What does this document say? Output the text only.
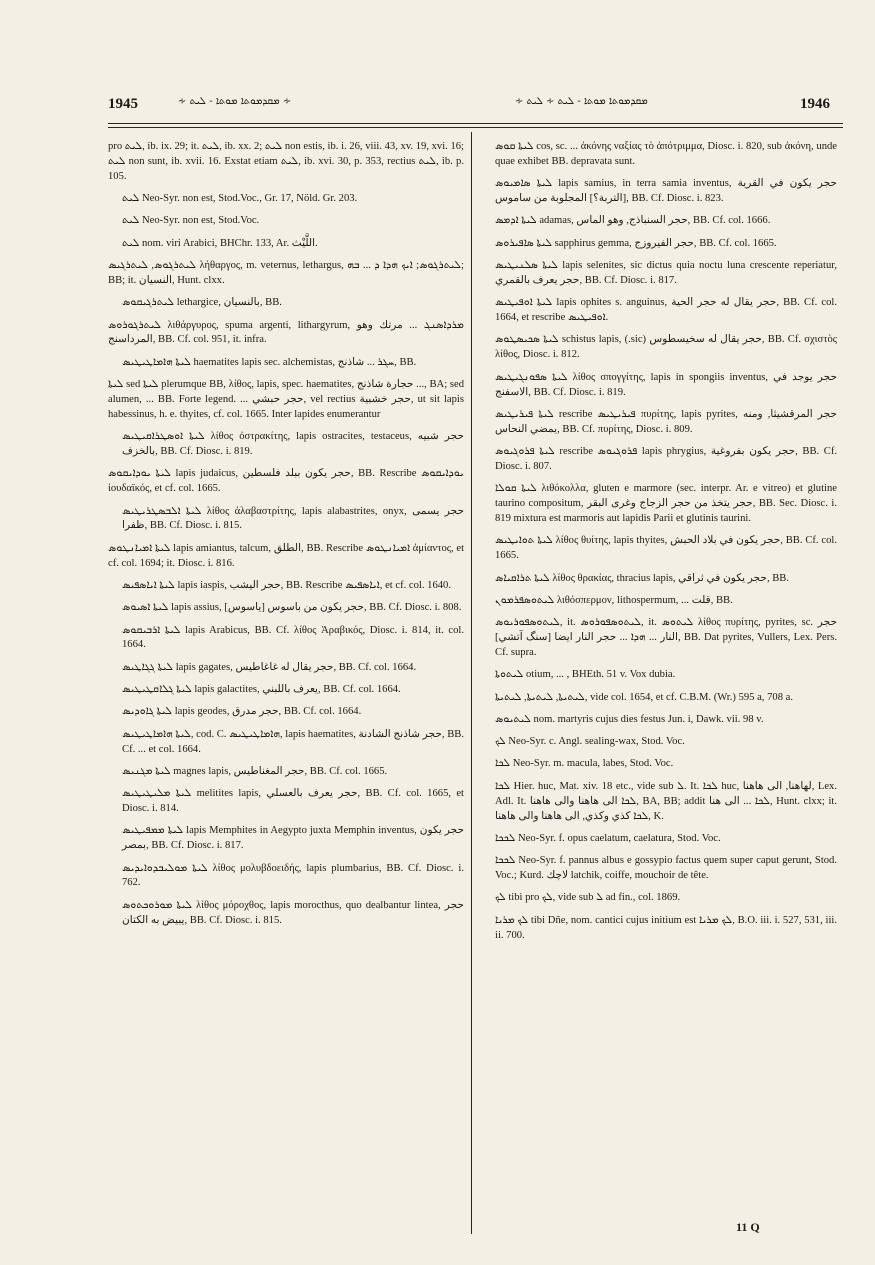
1945	∻ ܡܩܕܡܘܬܐ ܡܘܬܐ - ܠܝܬ ∻	∻ ܡܩܕܡܘܬܐ ܡܘܬܐ - ܠܝܬ ∻ ܠܝܬ	1946

pro ܠܝܬ, ib. ix. 29; it. ܠܝܬ, ib. xx. 2; ܠܝܬ non estis, ib. i. 26, viii. 43, xv. 19, xvi. 16; ܠܝܬ non sunt, ib. xvii. 16. Exstat etiam ܠܝܬ, ib. xvi. 30, p. 353, rectius ܠܝܬ, ib. p. 105.

ܠܝܬ Neo-Syr. non est, Stod.Voc., Gr. 17, Nöld. Gr. 203.

ܠܝܬ Neo-Syr. non est, Stod.Voc.

ܠܝܬ nom. viri Arabici, BHChr. 133, Ar. اللَّيْث.

ܠܝܬܪܓܘܣ, ܠܝܬܪܓܝܣ λήθαργος, m. veternus, lethargus, ܠܝܬܪܓܘܣ; ܐܝܟ ܗܕܐ ܕ ... ܒܗ; BB; it. النسيان, Hunt. clxx.

ܠܝܬܪܓܝܩܘܣ lethargice, بالنسيان, BB.

ܠܝܬܪܓܘܪܘܣ λιθάργυρος, spuma argenti, lithargyrum, ܡܪܕܐܣܢܓ ... مرتك وهو المرداسنج, BB. Cf. col. 951, it. infra.

ܠܝܬܐ ܗܐܡܐܛܝܛܝܣ haematites lapis sec. alchemistas, ܚܓܪ ... شاذنج, BB.

ܠܝܬܐ sed ܠܝܬܐ plerumque BB, λίθος, lapis, spec. haematites, حجارة شاذنج ..., BA; sed alumen, ... BB. Forte legend. ... حجر حبشي, vel rectius حجر خشبية, ut sit lapis habessinus, h. e. thyites, cf. col. 1665. Inter lapides enumerantur

ܠܝܬܐ ܐܘܣܛܪܐܩܝܛܝܣ λίθος ὀστρακίτης, lapis ostracites, testaceus, حجر شبيه بالخزف, BB. Cf. Diosc. i. 819.

ܠܝܬܐ ܝܘܕܐܝܩܘܣ lapis judaicus, حجر يكون ببلد فلسطين, BB. Rescribe ܝܘܕܐܝܩܘܣ ἰουδαϊκός, et cf. col. 1665.

ܠܝܬܐ ܐܠܒܣܛܪܝܛܝܣ λίθος ἀλαβαστρίτης, lapis alabastrites, onyx, حجر يسمى ظفرا, BB. Cf. Diosc. i. 815.

ܠܝܬܐ ܐܡܝܐܢܛܘܣ lapis amiantus, talcum, الطلق, BB. Rescribe ܐܡܝܐܢܛܘܣ ἀμίαντος, et cf. col. 1694; it. Diosc. i. 816.

ܠܝܬܐ ܐܝܐܣܦܝܣ lapis iaspis, حجر اليشب, BB. Rescribe ܐܝܐܣܦܝܣ, et cf. col. 1640.

ܠܝܬܐ ܐܣܝܘܣ lapis assius, حجر يكون من باسوس [ياسوس], BB. Cf. Diosc. i. 808.

ܠܝܬܐ ܐܪܒܝܩܘܣ lapis Arabicus, BB. Cf. λίθος Ἀραβικός, Diosc. i. 814, it. col. 1664.

ܠܝܬܐ ܓܓܐܛܝܣ lapis gagates, حجر يقال له غاغاطيس, BB. Cf. col. 1664.

ܠܝܬܐ ܓܠܐܩܛܝܛܝܣ lapis galactites, يعرف باللبني, BB. Cf. col. 1664.

ܠܝܬܐ ܓܐܘܕܝܣ lapis geodes, حجر مدرق, BB. Cf. col. 1664.

ܠܝܬܐ ܗܐܡܐܛܝܛܝܣ, cod. C. ܗܐܡܐܛܝܛܝܣ, lapis haematites, حجر شاذنج الشادنة, BB. Cf. ... et col. 1664.

ܠܝܬܐ ܡܓܢܝܣ magnes lapis, حجر المغناطيس, BB. Cf. col. 1665.

ܠܝܬܐ ܡܠܝܛܝܛܝܣ melitites lapis, حجر يعرف بالعسلي, BB. Cf. col. 1665, et Diosc. i. 814.

ܠܝܬܐ ܡܡܦܝܛܝܣ lapis Memphites in Aegypto juxta Memphin inventus, حجر يكون بمصر, BB. Cf. Diosc. i. 817.

ܠܝܬܐ ܡܘܠܝܒܕܘܐܝܕܝܣ λίθος μολυβδοειδής, lapis plumbarius, BB. Cf. Diosc. i. 762.

ܠܝܬܐ ܡܘܪܘܟܬܘܣ λίθος μόροχθος, lapis morocthus, quo dealbantur lintea, حجر يبيض به الكتان, BB. Cf. Diosc. i. 815.

ܠܝܬܐ ܩܘܣ cos, sc. ... ἀκόνης ναξίας τὸ ἀπότριμμα, Diosc. i. 820, sub ἀκόνη, unde quae exhibet BB. depravata sunt.

ܠܝܬܐ ܣܐܡܝܘܣ lapis samius, in terra samia inventus, حجر يكون في القرية [التربة؟] المجلوبة من ساموس, BB. Cf. Diosc. i. 823.

ܠܝܬܐ ܐܕܡܣ adamas, حجر السنباذج, وهو الماس, BB. Cf. col. 1666.

ܠܝܬܐ ܣܐܦܝܪܘܣ sapphirus gemma, حجر الفيروزج, BB. Cf. col. 1665.

ܠܝܬܐ ܣܠܢܝܛܝܣ lapis selenites, sic dictus quia noctu luna crescente reperiatur, حجر يعرف بالقمري, BB. Cf. Diosc. i. 817.

ܠܝܬܐ ܐܘܦܝܛܝܣ lapis ophites s. anguinus, حجر يقال له حجر الحية, BB. Cf. col. 1664, et rescribe ܐܘܦܝܛܝܣ.

ܠܝܬܐ ܣܟܝܣܛܘܣ schistus lapis, (.sic) حجر يقال له سخيسطوس, BB. Cf. σχιστὸς λίθος, Diosc. i. 812.

ܠܝܬܐ ܣܦܘܢܓܝܛܝܣ λίθος σπογγίτης, lapis in spongiis inventus, حجر يوجد في الاسفنج, BB. Cf. Diosc. i. 819.

ܠܝܬܐ ܦܝܪܝܛܝܣ rescribe ܦܝܪܝܛܝܣ πυρίτης, lapis pyrites, حجر المرقشيثا, ومنه يمضي النحاس, BB. Cf. πυρίτης, Diosc. i. 809.

ܠܝܬܐ ܦܪܘܓܝܘܣ rescribe ܦܪܘܓܝܘܣ lapis phrygius, حجر يكون بفروغية, BB. Cf. Diosc. i. 807.

ܠܝܬܐ ܩܘܠܐ λιθόκολλα, gluten e marmore (sec. interpr. Ar. e vitreo) et glutine taurino compositum, حجر يتخذ من حجر الزجاج وغرى البقر, BB. Sec. Diosc. i. 819 mixtura est marmoris aut lapidis Parii et glutinis taurini.

ܠܝܬܐ ܬܘܐܝܛܝܣ λίθος θυίτης, lapis thyites, حجر يكون في بلاد الحبش, BB. Cf. col. 1665.

ܠܝܬܐ ܬܪܐܩܝܐܣ λίθος θρακίας, thracius lapis, حجر يكون في ثراقي, BB.

ܠܝܬܘܣܦܪܡܘܢ λιθόσπερμον, lithospermum, ... قلت, BB.

ܠܝܬܘܣܦܘܪܝܘܣ, it. ܠܝܬܘܣܦܘܪܘܣ, it. ܠܝܬܘܣ λίθος πυρίτης, pyrites, sc. حجر النار ... ܗܕܐ ... حجر النار ايضا [سنگ آتشي], BB. Dat pyrites, Vullers, Lex. Pers. Cf. supra.

ܠܝܬܘܬܐ otium, ... , BHEth. 51 v. Vox dubia.

ܠܝܬܝܬܐ, ܠܝܬܝܬܐ, ܠܝܬܝܬܐ, vide col. 1654, et cf. C.B.M. (Wr.) 595 a, 708 a.

ܠܝܬܝܘܣ nom. martyris cujus dies festus Jun. i, Dawk. vii. 98 v.

ܠܟ Neo-Syr. c. Angl. sealing-wax, Stod. Voc.

ܠܟܐ Neo-Syr. m. macula, labes, Stod. Voc.

ܠܟܐ Hier. huc, Mat. xiv. 18 etc., vide sub ܠ. It. ܠܟܐ huc, لهاهنا, الى هاهنا, Lex. Adl. It. ܠܟܐ الى هاهنا والى هاهنا, BA, BB; addit ܠܟܐ ... الى هنا, Hunt. clxx; it. ܠܟܐ كذي وكذي, الى هاهنا والى هاهنا, K.

ܠܟܟܐ Neo-Syr. f. opus caelatum, caelatura, Stod. Voc.

ܠܟܟܐ Neo-Syr. f. pannus albus e gossypio factus quem super caput gerunt, Stod. Voc.; Kurd. لاچك latchik, coiffe, mouchoir de tête.

ܠܟ tibi pro ܠܟ, vide sub ܠ ad fin., col. 1869.

ܠܟ ܡܪܝܐ tibi Dñe, nom. cantici cujus initium est ܠܟ ܡܪܝܐ, B.O. iii. i. 527, 531, iii. ii. 700.

11 Q
